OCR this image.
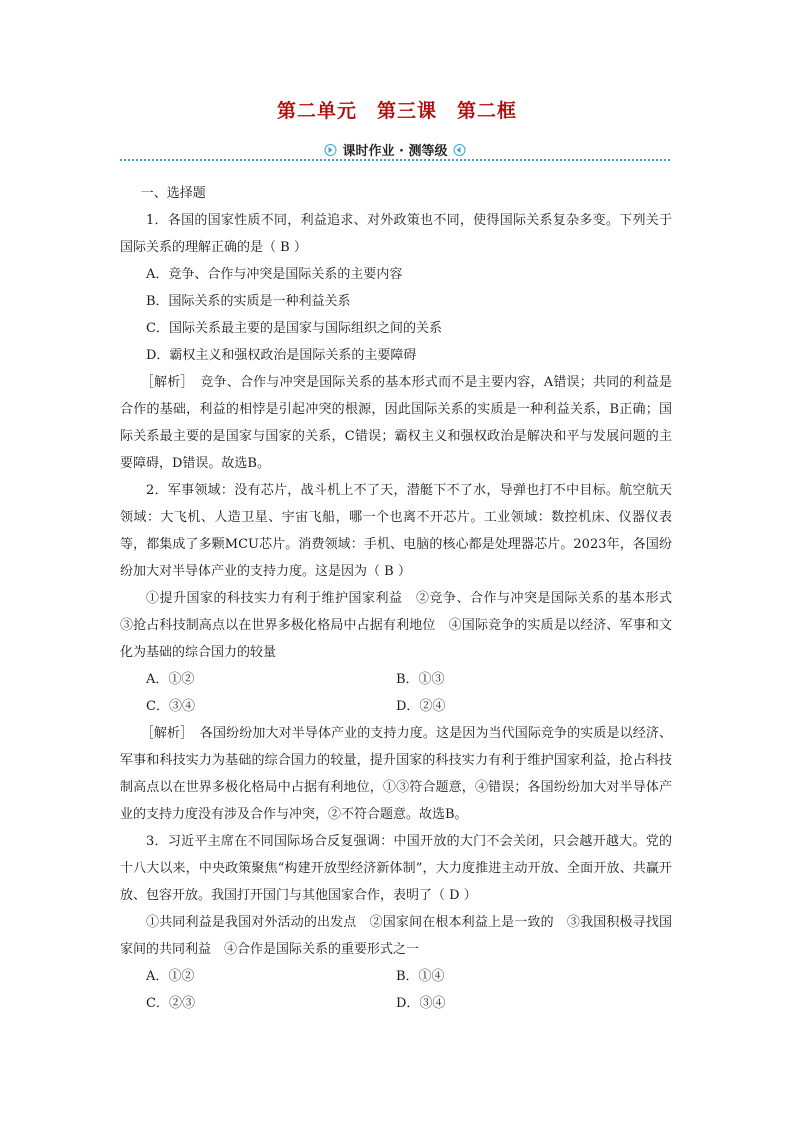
第二单元　第三课　第二框
课时作业 · 测等级

一、选择题

1．各国的国家性质不同，利益追求、对外政策也不同，使得国际关系复杂多变。下列关于国际关系的理解正确的是（ B ）

A．竞争、合作与冲突是国际关系的主要内容

B．国际关系的实质是一种利益关系

C．国际关系最主要的是国家与国际组织之间的关系

D．霸权主义和强权政治是国际关系的主要障碍

［解析］　竞争、合作与冲突是国际关系的基本形式而不是主要内容，A错误；共同的利益是合作的基础，利益的相悖是引起冲突的根源，因此国际关系的实质是一种利益关系，B正确；国际关系最主要的是国家与国家的关系，C错误；霸权主义和强权政治是解决和平与发展问题的主要障碍，D错误。故选B。

2．军事领域：没有芯片，战斗机上不了天，潜艇下不了水，导弹也打不中目标。航空航天领域：大飞机、人造卫星、宇宙飞船，哪一个也离不开芯片。工业领域：数控机床、仪器仪表等，都集成了多颗MCU芯片。消费领域：手机、电脑的核心都是处理器芯片。2023年，各国纷纷加大对半导体产业的支持力度。这是因为（ B ）

①提升国家的科技实力有利于维护国家利益　②竞争、合作与冲突是国际关系的基本形式　③抢占科技制高点以在世界多极化格局中占据有利地位　④国际竞争的实质是以经济、军事和文化为基础的综合国力的较量

A．①②	B．①③
C．③④	D．②④

［解析］　各国纷纷加大对半导体产业的支持力度。这是因为当代国际竞争的实质是以经济、军事和科技实力为基础的综合国力的较量，提升国家的科技实力有利于维护国家利益，抢占科技制高点以在世界多极化格局中占据有利地位，①③符合题意，④错误；各国纷纷加大对半导体产业的支持力度没有涉及合作与冲突，②不符合题意。故选B。

3．习近平主席在不同国际场合反复强调：中国开放的大门不会关闭，只会越开越大。党的十八大以来，中央政策聚焦“构建开放型经济新体制”，大力度推进主动开放、全面开放、共赢开放、包容开放。我国打开国门与其他国家合作，表明了（ D ）

①共同利益是我国对外活动的出发点　②国家间在根本利益上是一致的　③我国积极寻找国家间的共同利益　④合作是国际关系的重要形式之一

A．①②	B．①④
C．②③	D．③④
